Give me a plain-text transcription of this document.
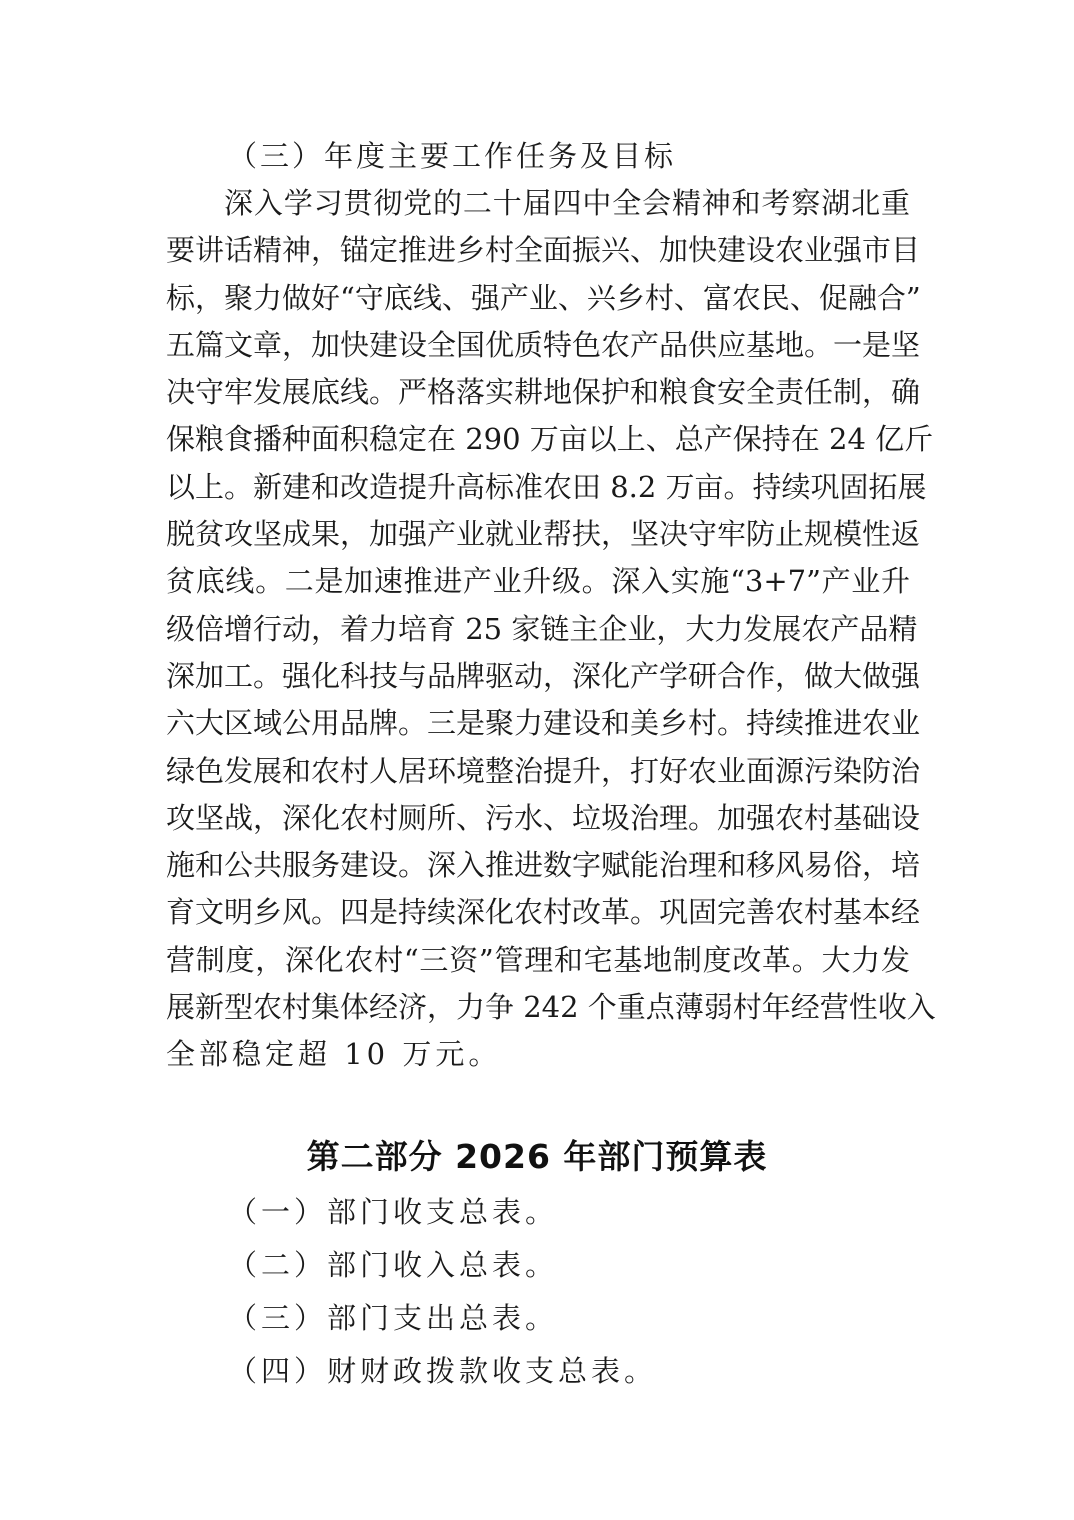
（三）年度主要工作任务及目标
深入学习贯彻党的二十届四中全会精神和考察湖北重
要讲话精神，锚定推进乡村全面振兴、加快建设农业强市目
标，聚力做好“守底线、强产业、兴乡村、富农民、促融合”
五篇文章，加快建设全国优质特色农产品供应基地。一是坚
决守牢发展底线。严格落实耕地保护和粮食安全责任制，确
保粮食播种面积稳定在 290 万亩以上、总产保持在 24 亿斤
以上。新建和改造提升高标准农田 8.2 万亩。持续巩固拓展
脱贫攻坚成果，加强产业就业帮扶，坚决守牢防止规模性返
贫底线。二是加速推进产业升级。深入实施“3+7”产业升
级倍增行动，着力培育 25 家链主企业，大力发展农产品精
深加工。强化科技与品牌驱动，深化产学研合作，做大做强
六大区域公用品牌。三是聚力建设和美乡村。持续推进农业
绿色发展和农村人居环境整治提升，打好农业面源污染防治
攻坚战，深化农村厕所、污水、垃圾治理。加强农村基础设
施和公共服务建设。深入推进数字赋能治理和移风易俗，培
育文明乡风。四是持续深化农村改革。巩固完善农村基本经
营制度，深化农村“三资”管理和宅基地制度改革。大力发
展新型农村集体经济，力争 242 个重点薄弱村年经营性收入
全部稳定超 10 万元。
第二部分 2026 年部门预算表
（一）部门收支总表。
（二）部门收入总表。
（三）部门支出总表。
（四）财财政拨款收支总表。
